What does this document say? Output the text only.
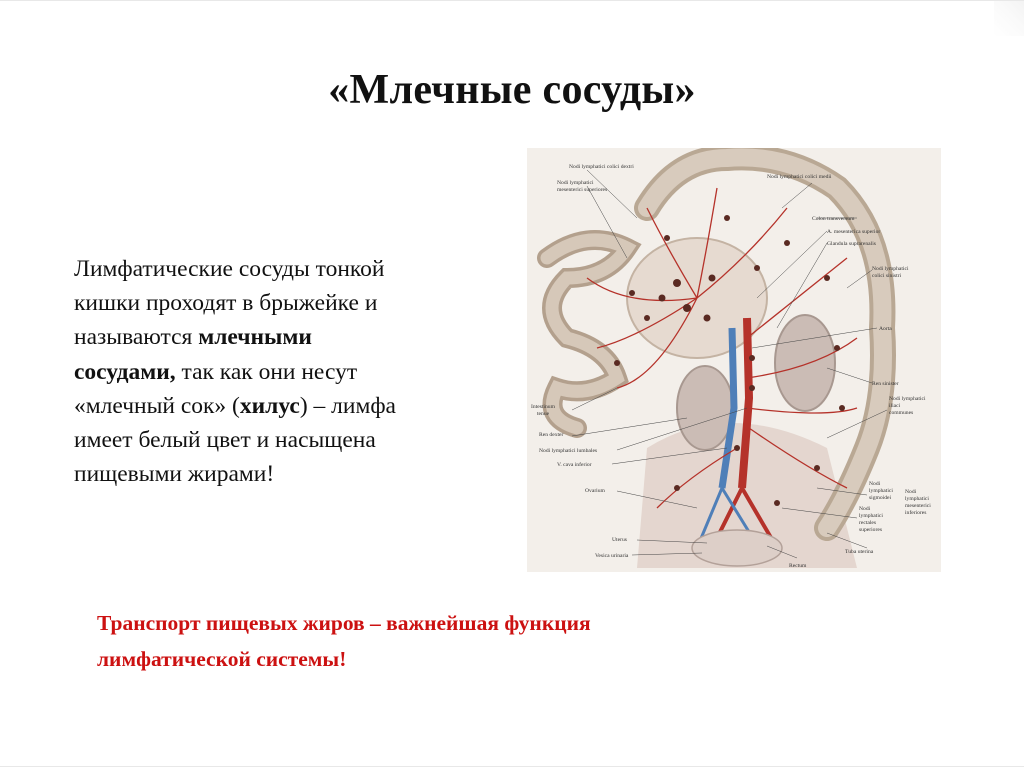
«Млечные сосуды»
Лимфатические сосуды тонкой
кишки проходят в брыжейке и
называются млечными
сосудами, так как они несут
«млечный сок» (хилус) – лимфа
имеет белый цвет и насыщена
пищевыми жирами!
Nodi lymphatici colici dextri
Nodi lymphatici
mesenterici superiores
Nodi lymphatici colici medii
Colon transversum
A. mesenterica superior
Glandula suprarenalis
Nodi lymphatici
colici sinistri
Aorta
Ren sinister
Nodi lymphatici
iliaci
communes
Intestinum
tenue
Ren dexter
Nodi lymphatici lumbales
V. cava inferior
Ovarium
Nodi
lymphatici
sigmoidei
Nodi
lymphatici
rectales
superiores
Nodi
lymphatici
mesenterici
inferiores
Uterus
Vesica urinaria
Rectum
Tuba uterina
Транспорт пищевых жиров – важнейшая функция
лимфатической системы!
